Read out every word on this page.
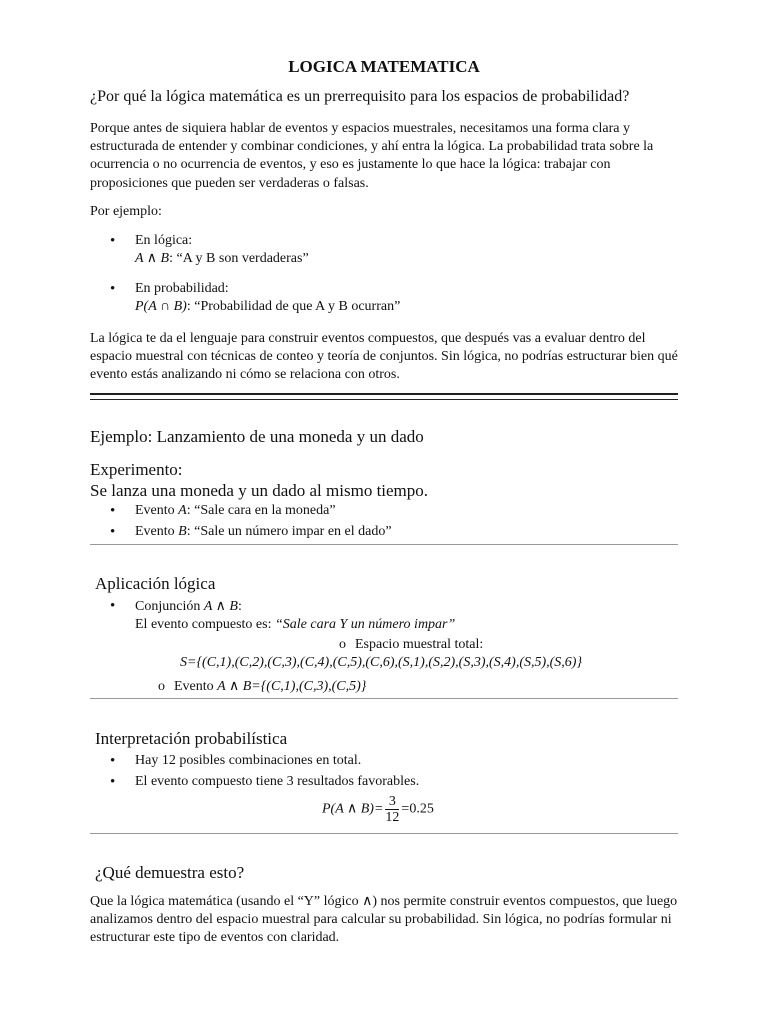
LOGICA MATEMATICA
¿Por qué la lógica matemática es un prerrequisito para los espacios de probabilidad?
Porque antes de siquiera hablar de eventos y espacios muestrales, necesitamos una forma clara y estructurada de entender y combinar condiciones, y ahí entra la lógica. La probabilidad trata sobre la ocurrencia o no ocurrencia de eventos, y eso es justamente lo que hace la lógica: trabajar con proposiciones que pueden ser verdaderas o falsas.
Por ejemplo:
• En lógica:
A ∧ B: “A y B son verdaderas”
• En probabilidad:
P(A ∩ B): “Probabilidad de que A y B ocurran”
La lógica te da el lenguaje para construir eventos compuestos, que después vas a evaluar dentro del espacio muestral con técnicas de conteo y teoría de conjuntos. Sin lógica, no podrías estructurar bien qué evento estás analizando ni cómo se relaciona con otros.
Ejemplo: Lanzamiento de una moneda y un dado
Experimento:
Se lanza una moneda y un dado al mismo tiempo.
• Evento A: “Sale cara en la moneda”
• Evento B: “Sale un número impar en el dado”
Aplicación lógica
• Conjunción A ∧ B:
El evento compuesto es: “Sale cara Y un número impar”
o Espacio muestral total:
S={(C,1),(C,2),(C,3),(C,4),(C,5),(C,6),(S,1),(S,2),(S,3),(S,4),(S,5),(S,6)}
o Evento A ∧ B={(C,1),(C,3),(C,5)}
Interpretación probabilística
• Hay 12 posibles combinaciones en total.
• El evento compuesto tiene 3 resultados favorables.
P(A ∧ $B)= \frac{3}{12} =0.25$
¿Qué demuestra esto?
Que la lógica matemática (usando el “Y” lógico ∧) nos permite construir eventos compuestos, que luego analizamos dentro del espacio muestral para calcular su probabilidad. Sin lógica, no podrías formular ni estructurar este tipo de eventos con claridad.
